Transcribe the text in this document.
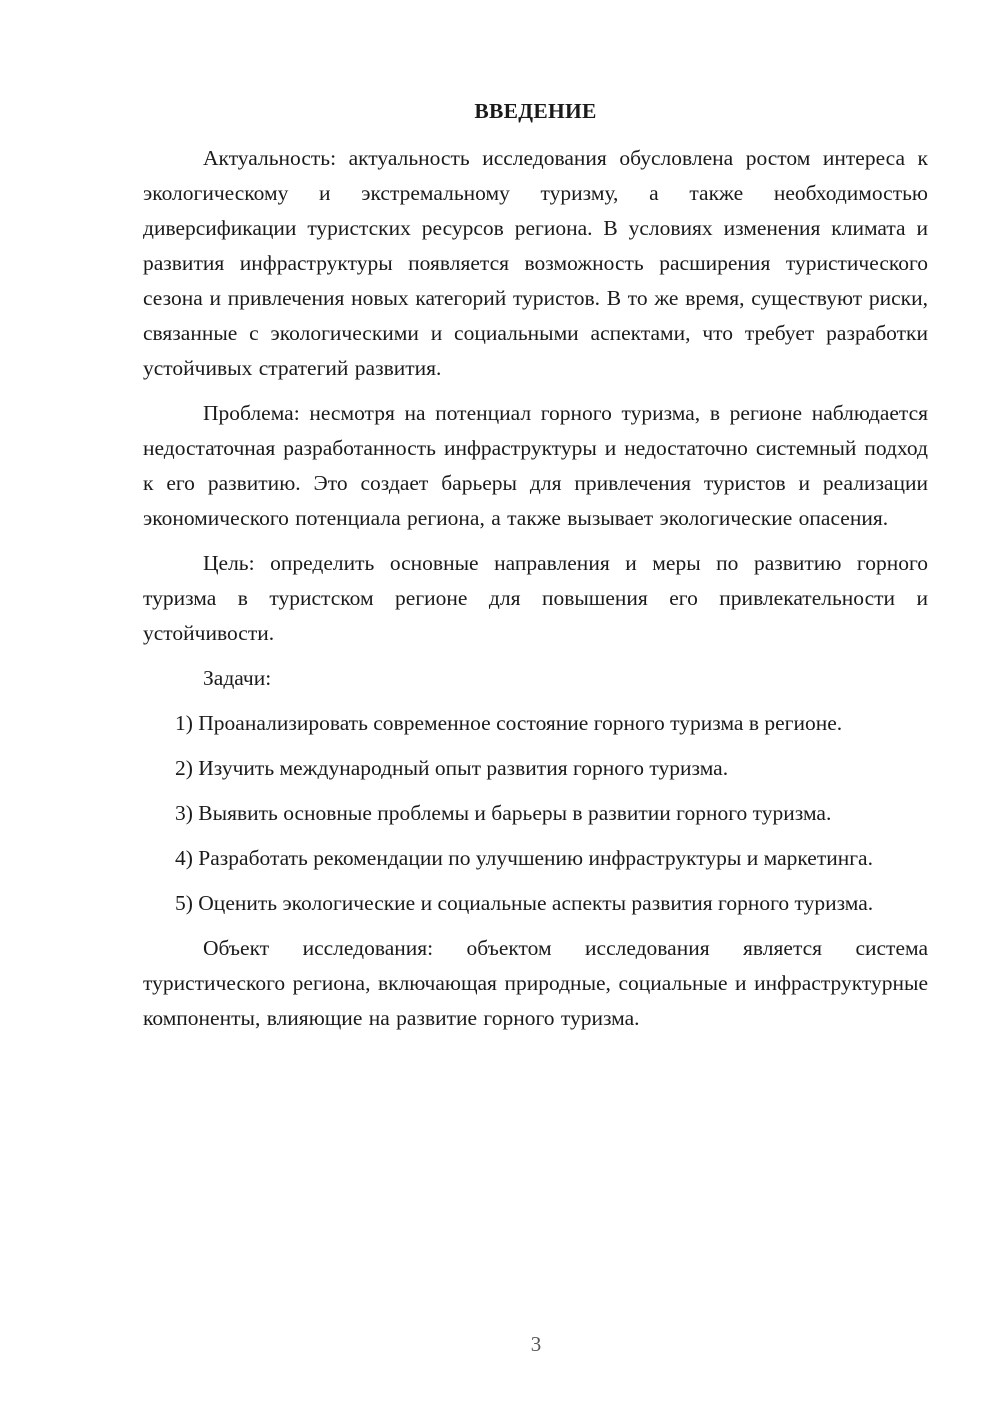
ВВЕДЕНИЕ

Актуальность: актуальность исследования обусловлена ростом интереса к экологическому и экстремальному туризму, а также необходимостью диверсификации туристских ресурсов региона. В условиях изменения климата и развития инфраструктуры появляется возможность расширения туристического сезона и привлечения новых категорий туристов. В то же время, существуют риски, связанные с экологическими и социальными аспектами, что требует разработки устойчивых стратегий развития.

Проблема: несмотря на потенциал горного туризма, в регионе наблюдается недостаточная разработанность инфраструктуры и недостаточно системный подход к его развитию. Это создает барьеры для привлечения туристов и реализации экономического потенциала региона, а также вызывает экологические опасения.

Цель: определить основные направления и меры по развитию горного туризма в туристском регионе для повышения его привлекательности и устойчивости.

Задачи:

1) Проанализировать современное состояние горного туризма в регионе.

2) Изучить международный опыт развития горного туризма.

3) Выявить основные проблемы и барьеры в развитии горного туризма.

4) Разработать рекомендации по улучшению инфраструктуры и маркетинга.

5) Оценить экологические и социальные аспекты развития горного туризма.

Объект исследования: объектом исследования является система туристического региона, включающая природные, социальные и инфраструктурные компоненты, влияющие на развитие горного туризма.

3
